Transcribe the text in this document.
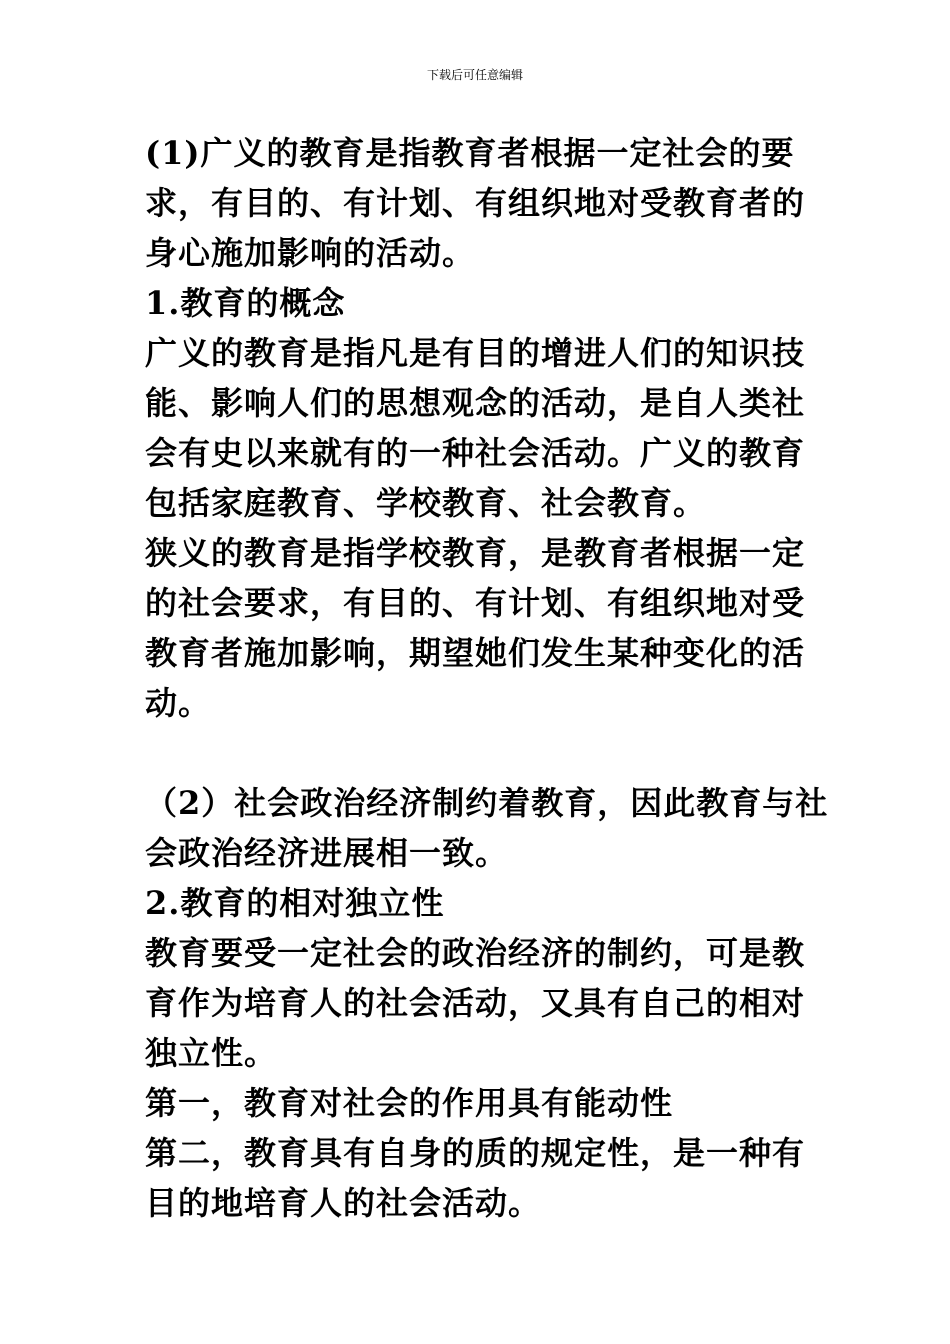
下载后可任意编辑

(1)广义的教育是指教育者根据一定社会的要求，有目的、有计划、有组织地对受教育者的身心施加影响的活动。

1.教育的概念

广义的教育是指凡是有目的增进人们的知识技能、影响人们的思想观念的活动，是自人类社会有史以来就有的一种社会活动。广义的教育包括家庭教育、学校教育、社会教育。

狭义的教育是指学校教育，是教育者根据一定的社会要求，有目的、有计划、有组织地对受教育者施加影响，期望她们发生某种变化的活动。

（2）社会政治经济制约着教育，因此教育与社会政治经济进展相一致。

2.教育的相对独立性

教育要受一定社会的政治经济的制约，可是教育作为培育人的社会活动，又具有自己的相对独立性。

第一，教育对社会的作用具有能动性

第二，教育具有自身的质的规定性，是一种有目的地培育人的社会活动。
